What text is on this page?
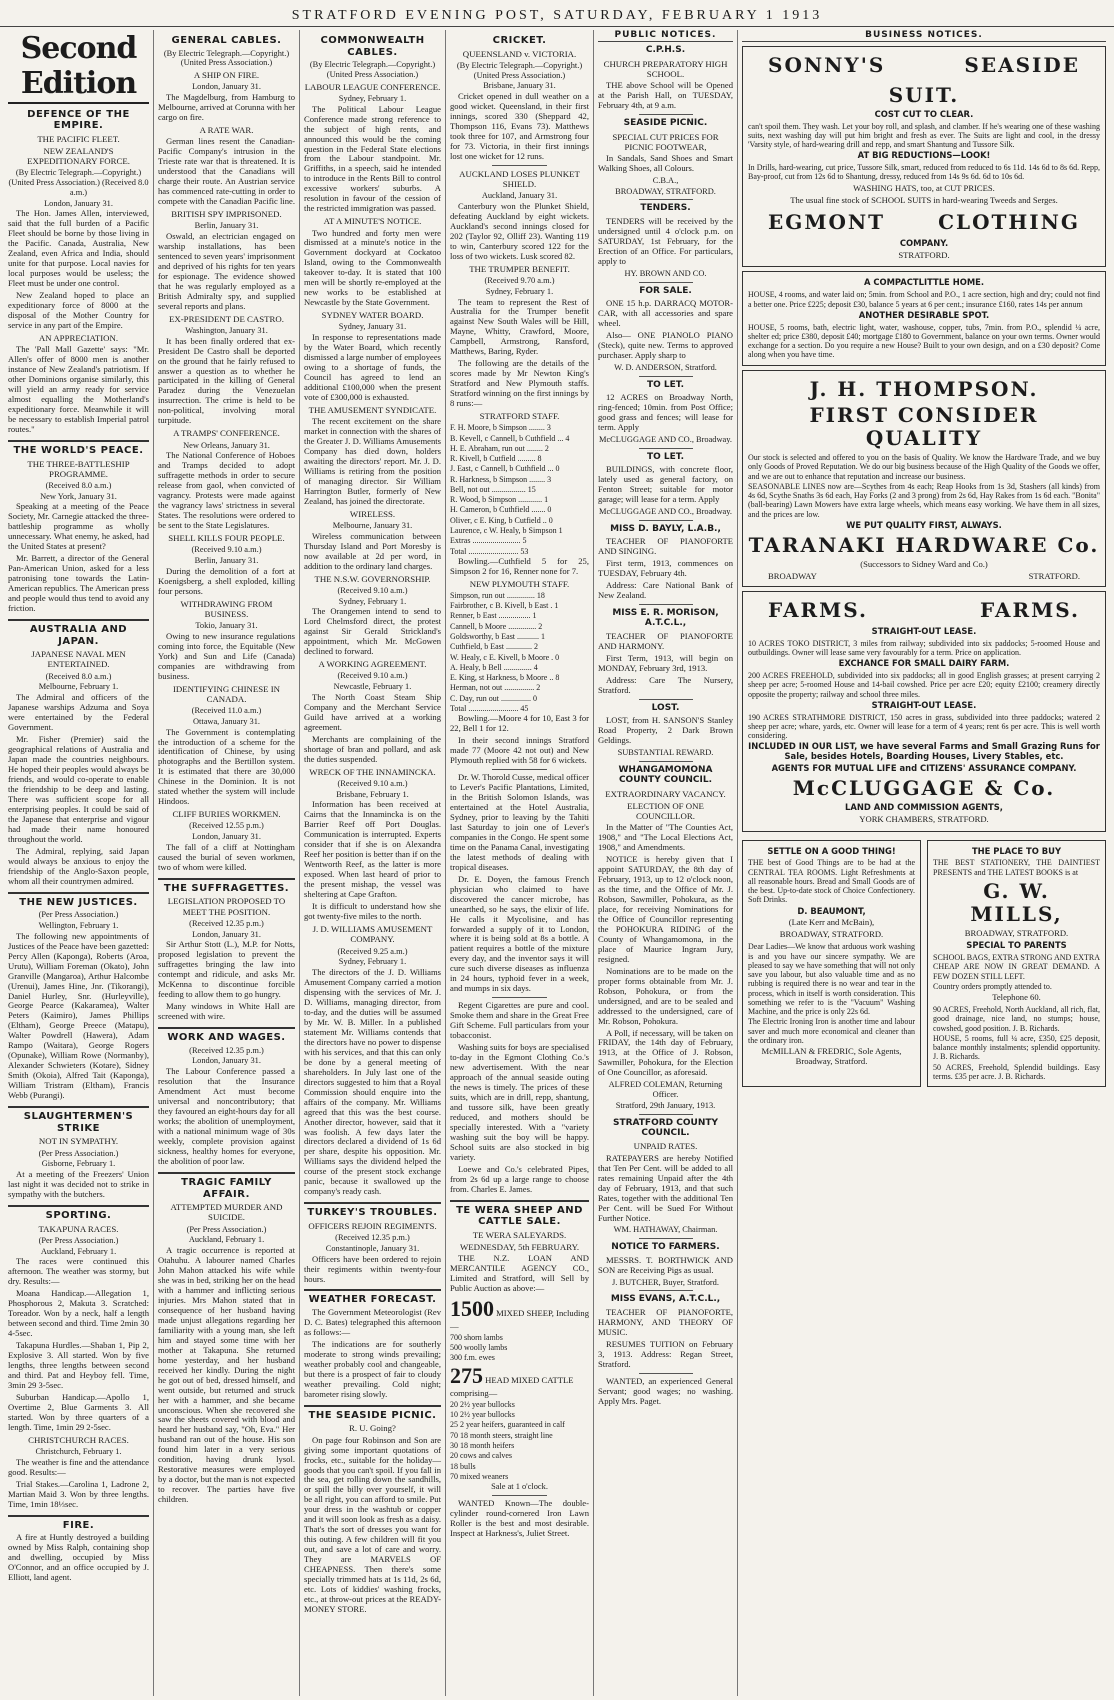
STRATFORD EVENING POST, SATURDAY, FEBRUARY 1 1913
Second Edition
DEFENCE OF THE EMPIRE.
THE PACIFIC FLEET.
NEW ZEALAND'S EXPEDITIONARY FORCE.
(By Electric Telegraph.—Copyright.) (United Press Association.) (Received 8.0 a.m.)
London, January 31.

The Hon. James Allen, interviewed, said that the full burden of a Pacific Fleet should be borne by those living in the Pacific. Canada, Australia, New Zealand, even Africa and India, should unite for that purpose. Local navies for local purposes would be useless; the Fleet must be under one control.

New Zealand hoped to place an expeditionary force of 8000 at the disposal of the Mother Country for service in any part of the Empire.

AN APPRECIATION.

The 'Pall Mall Gazette' says: "Mr. Allen's offer of 8000 men is another instance of New Zealand's patriotism. If other Dominions organise similarly, this will yield an army ready for service almost equalling the Motherland's expeditionary force. Meanwhile it will be necessary to establish Imperial patrol routes."

THE WORLD'S PEACE.
THE THREE-BATTLESHIP PROGRAMME.
(Received 8.0 a.m.)
New York, January 31.

Speaking at a meeting of the Peace Society, Mr. Carnegie attacked the three-battleship programme as wholly unnecessary. What enemy, he asked, had the United States at present?

Mr. Barrett, a director of the General Pan-American Union, asked for a less patronising tone towards the Latin-American republics. The American press and people would thus tend to avoid any friction.

AUSTRALIA AND JAPAN.
JAPANESE NAVAL MEN ENTERTAINED.
(Received 8.0 a.m.)
Melbourne, February 1.

The Admiral and officers of the Japanese warships Adzuma and Soya were entertained by the Federal Government.

Mr. Fisher (Premier) said the geographical relations of Australia and Japan made the countries neighbours. He hoped their peoples would always be friends, and would co-operate to enable the friendship to be deep and lasting. There was sufficient scope for all enterprising peoples. It could be said of the Japanese that enterprise and vigour had made their name honoured throughout the world.

The Admiral, replying, said Japan would always be anxious to enjoy the friendship of the Anglo-Saxon people, whom all their countrymen admired.

THE NEW JUSTICES.
(Per Press Association.)
Wellington, February 1.

The following new appointments of Justices of the Peace have been gazetted: Percy Allen (Kaponga), Roberts (Aroa, Urutu), William Foreman (Okato), John Granville (Mangaroa), Arthur Halcombe (Urenui), James Hine, Jnr. (Tikorangi), Daniel Hurley, Snr. (Hurleyville), George Pearce (Kakaramea), Walter Peters (Kaimiro), James Phillips (Eltham), George Preece (Matapu), Walter Powdrell (Hawera), Adam Rampo (Waitara), George Rogers (Opunake), William Rowe (Normanby), Alexander Schwieters (Kotare), Sidney Smith (Okoia), Alfred Tait (Kaponga), William Tristram (Eltham), Francis Webb (Purangi).

SLAUGHTERMEN'S STRIKE
NOT IN SYMPATHY.
(Per Press Association.)
Gisborne, February 1.

At a meeting of the Freezers' Union last night it was decided not to strike in sympathy with the butchers.

SPORTING.
TAKAPUNA RACES.
(Per Press Association.)
Auckland, February 1.

The races were continued this afternoon. The weather was stormy, but dry. Results:—

Moana Handicap.—Allegation 1, Phosphorous 2, Makuta 3. Scratched: Toreador. Won by a neck, half a length between second and third. Time 2min 30 4-5sec.

Takapuna Hurdles.—Shaban 1, Pip 2, Explosive 3. All started. Won by five lengths, three lengths between second and third. Pat and Heyboy fell. Time, 3min 29 3-5sec.

Suburban Handicap.—Apollo 1, Overtime 2, Blue Garments 3. All started. Won by three quarters of a length. Time, 1min 29 2-5sec.

CHRISTCHURCH RACES.
Christchurch, February 1.

The weather is fine and the attendance good. Results:—

Trial Stakes.—Carolina 1, Ladrone 2, Martian Maid 3. Won by three lengths. Time, 1min 18⅓sec.

FIRE.

A fire at Huntly destroyed a building owned by Miss Ralph, containing shop and dwelling, occupied by Miss O'Connor, and an office occupied by J. Elliott, land agent.

GENERAL CABLES.
(By Electric Telegraph.—Copyright.) (United Press Association.)
A SHIP ON FIRE.
London, January 31.

The Magdelburg, from Hamburg to Melbourne, arrived at Corunna with her cargo on fire.

A RATE WAR.

German lines resent the Canadian-Pacific Company's intrusion in the Trieste rate war that is threatened. It is understood that the Canadians will charge their route. An Austrian service has commenced rate-cutting in order to compete with the Canadian Pacific line.

BRITISH SPY IMPRISONED.
Berlin, January 31.

Oswald, an electrician engaged on warship installations, has been sentenced to seven years' imprisonment and deprived of his rights for ten years for espionage. The evidence showed that he was regularly employed as a British Admiralty spy, and supplied several reports and plans.

EX-PRESIDENT DE CASTRO.
Washington, January 31.

It has been finally ordered that ex-President De Castro shall be deported on the ground that he fairly refused to answer a question as to whether he participated in the killing of General Paradez during the Venezuelan insurrection. The crime is held to be non-political, involving moral turpitude.

A TRAMPS' CONFERENCE.
New Orleans, January 31.

The National Conference of Hoboes and Tramps decided to adopt suffragette methods in order to secure release from gaol, when convicted of vagrancy. Protests were made against the vagrancy laws' strictness in several States. The resolutions were ordered to be sent to the State Legislatures.

SHELL KILLS FOUR PEOPLE.
(Received 9.10 a.m.)
Berlin, January 31.

During the demolition of a fort at Koenigsberg, a shell exploded, killing four persons.

WITHDRAWING FROM BUSINESS.
Tokio, January 31.

Owing to new insurance regulations coming into force, the Equitable (New York) and Sun and Life (Canada) companies are withdrawing from business.

IDENTIFYING CHINESE IN CANADA.
(Received 11.0 a.m.)
Ottawa, January 31.

The Government is contemplating the introduction of a scheme for the identification of Chinese, by using photographs and the Bertillon system. It is estimated that there are 30,000 Chinese in the Dominion. It is not stated whether the system will include Hindoos.

CLIFF BURIES WORKMEN.
(Received 12.55 p.m.)
London, January 31.

The fall of a cliff at Nottingham caused the burial of seven workmen, two of whom were killed.

THE SUFFRAGETTES.
LEGISLATION PROPOSED TO MEET THE POSITION.
(Received 12.35 p.m.)
London, January 31.

Sir Arthur Stott (L.), M.P. for Notts, proposed legislation to prevent the suffragettes bringing the law into contempt and ridicule, and asks Mr. McKenna to discontinue forcible feeding to allow them to go hungry.

Many windows in White Hall are screened with wire.

WORK AND WAGES.
(Received 12.35 p.m.)
London, January 31.

The Labour Conference passed a resolution that the Insurance Amendment Act must become universal and noncontributory; that they favoured an eight-hours day for all works; the abolition of unemployment, with a national minimum wage of 30s weekly, complete provision against sickness, healthy homes for everyone, the abolition of poor law.

TRAGIC FAMILY AFFAIR.
ATTEMPTED MURDER AND SUICIDE.
(Per Press Association.)
Auckland, February 1.

A tragic occurrence is reported at Otahuhu. A labourer named Charles John Mahon attacked his wife while she was in bed, striking her on the head with a hammer and inflicting serious injuries. Mrs Mahon stated that in consequence of her husband having made unjust allegations regarding her familiarity with a young man, she left him and stayed some time with her mother at Takapuna. She returned home yesterday, and her husband received her kindly. During the night he got out of bed, dressed himself, and went outside, but returned and struck her with a hammer, and she became unconscious. When she recovered she saw the sheets covered with blood and heard her husband say, "Oh, Eva." Her husband ran out of the house. His son found him later in a very serious condition, having drunk lysol. Restorative measures were employed by a doctor, but the man is not expected to recover. The parties have five children.

COMMONWEALTH CABLES.
(By Electric Telegraph.—Copyright.) (United Press Association.)
LABOUR LEAGUE CONFERENCE.
Sydney, February 1.

The Political Labour League Conference made strong reference to the subject of high rents, and announced this would be the coming question in the Federal State elections from the Labour standpoint. Mr. Griffiths, in a speech, said he intended to introduce in the Rents Bill to control excessive workers' suburbs. A resolution in favour of the cession of the restricted immigration was passed.

AT A MINUTE'S NOTICE.

Two hundred and forty men were dismissed at a minute's notice in the Government dockyard at Cockatoo Island, owing to the Commonwealth takeover to-day. It is stated that 100 men will be shortly re-employed at the new works to be established at Newcastle by the State Government.

SYDNEY WATER BOARD.
Sydney, January 31.

In response to representations made by the Water Board, which recently dismissed a large number of employees owing to a shortage of funds, the Council has agreed to lend an additional £100,000 when the present vote of £300,000 is exhausted.

THE AMUSEMENT SYNDICATE.

The recent excitement on the share market in connection with the shares of the Greater J. D. Williams Amusements Company has died down, holders awaiting the directors' report. Mr. J. D. Williams is retiring from the position of managing director. Sir William Harrington Butler, formerly of New Zealand, has joined the directorate.

WIRELESS.
Melbourne, January 31.

Wireless communication between Thursday Island and Port Moresby is now available at 2d per word, in addition to the ordinary land charges.

THE N.S.W. GOVERNORSHIP.
(Received 9.10 a.m.)
Sydney, February 1.

The Orangemen intend to send to Lord Chelmsford direct, the protest against Sir Gerald Strickland's appointment, which Mr. McGowen declined to forward.

A WORKING AGREEMENT.
(Received 9.10 a.m.)
Newcastle, February 1.

The North Coast Steam Ship Company and the Merchant Service Guild have arrived at a working agreement.

Merchants are complaining of the shortage of bran and pollard, and ask the duties suspended.

WRECK OF THE INNAMINCKA.
(Received 9.10 a.m.)
Brisbane, February 1.

Information has been received at Cairns that the Innamincka is on the Barrier Reef off Port Douglas. Communication is interrupted. Experts consider that if she is on Alexandra Reef her position is better than if on the Wentworth Reef, as the latter is more exposed. When last heard of prior to the present mishap, the vessel was sheltering at Cape Grafton.

It is difficult to understand how she got twenty-five miles to the north.

J. D. WILLIAMS AMUSEMENT COMPANY.
(Received 9.25 a.m.)
Sydney, February 1.

The directors of the J. D. Williams Amusement Company carried a motion dispensing with the services of Mr. J. D. Williams, managing director, from to-day, and the duties will be assumed by Mr. W. B. Miller. In a published statement Mr. Williams contends that the directors have no power to dispense with his services, and that this can only be done by a general meeting of shareholders. In July last one of the directors suggested to him that a Royal Commission should enquire into the affairs of the company. Mr. Williams agreed that this was the best course. Another director, however, said that it was foolish. A few days later the directors declared a dividend of 1s 6d per share, despite his opposition. Mr. Williams says the dividend helped the course of the present stock exchange panic, because it swallowed up the company's ready cash.

TURKEY'S TROUBLES.
OFFICERS REJOIN REGIMENTS.
(Received 12.35 p.m.)
Constantinople, January 31.

Officers have been ordered to rejoin their regiments within twenty-four hours.

WEATHER FORECAST.

The Government Meteorologist (Rev D. C. Bates) telegraphed this afternoon as follows:—

The indications are for southerly moderate to strong winds prevailing; weather probably cool and changeable, but there is a prospect of fair to cloudy weather prevailing. Cold night; barometer rising slowly.

THE SEASIDE PICNIC.
R. U. Going?

On page four Robinson and Son are giving some important quotations of frocks, etc., suitable for the holiday—goods that you can't spoil. If you fall in the sea, get rolling down the sandhills, or spill the billy over yourself, it will be all right, you can afford to smile. Put your dress in the washtub or copper and it will soon look as fresh as a daisy. That's the sort of dresses you want for this outing. A few children will fit you out, and save a lot of care and worry. They are MARVELS OF CHEAPNESS. Then there's some specially trimmed hats at 1s 11d, 2s 6d, etc. Lots of kiddies' washing frocks, etc., at throw-out prices at the READY-MONEY STORE.

CRICKET.
QUEENSLAND v. VICTORIA.
(By Electric Telegraph.—Copyright.) (United Press Association.)
Brisbane, January 31.

Cricket opened in dull weather on a good wicket. Queensland, in their first innings, scored 330 (Sheppard 42, Thompson 116, Evans 73). Matthews took three for 107, and Armstrong four for 73. Victoria, in their first innings lost one wicket for 12 runs.

AUCKLAND LOSES PLUNKET SHIELD.
Auckland, January 31.

Canterbury won the Plunket Shield, defeating Auckland by eight wickets. Auckland's second innings closed for 202 (Taylor 92, Olliff 23). Wanting 119 to win, Canterbury scored 122 for the loss of two wickets. Lusk scored 82.

THE TRUMPER BENEFIT.
(Received 9.70 a.m.)
Sydney, February 1.

The team to represent the Rest of Australia for the Trumper benefit against New South Wales will be Hill, Mayne, Whitty, Crawford, Moore, Campbell, Armstrong, Ransford, Matthews, Baring, Ryder.

The following are the details of the scores made by Mr Newton King's Stratford and New Plymouth staffs. Stratford winning on the first innings by 8 runs:—

STRATFORD STAFF.
F. H. Moore, b Simpson ........ 3
B. Kevell, c Cannell, b Cuthfield ... 4
H. E. Abraham, run out ........ 2
R. Kivell, b Cutfield ......... 8
J. East, c Cannell, b Cuthfield ... 0
R. Harkness, b Simpson ........ 3
Bell, not out ................. 15
R. Wood, b Simpson ............ 1
H. Cameron, b Cuthfield ....... 0
Oliver, c E. King, b Cutfield .. 0
Laurence, c W. Healy, b Simpson 1
Extras ........................ 5
Total ......................... 53

Bowling.—Cuthfield 5 for 25, Simpson 2 for 16, Renner none for 7.

NEW PLYMOUTH STAFF.
Simpson, run out .............. 18
Fairbrother, c B. Kivell, b East . 1
Renner, b East ................ 1
Cannell, b Moore .............. 2
Goldsworthy, b East ........... 1
Cuthfield, b East ............. 2
W. Healy, c E. Kivell, b Moore . 0
A. Healy, b Bell .............. 4
E. King, st Harkness, b Moore .. 8
Herman, not out ............... 2
C. Day, run out ............... 0
Total ......................... 45

Bowling.—Moore 4 for 10, East 3 for 22, Bell 1 for 12.

In their second innings Stratford made 77 (Moore 42 not out) and New Plymouth replied with 58 for 6 wickets.

Dr. W. Thorold Cusse, medical officer to Lever's Pacific Plantations, Limited, in the British Solomon Islands, was entertained at the Hotel Australia, Sydney, prior to leaving by the Tahiti last Saturday to join one of Lever's companies in the Congo. He spent some time on the Panama Canal, investigating the latest methods of dealing with tropical diseases.

Dr. E. Doyen, the famous French physician who claimed to have discovered the cancer microbe, has unearthed, so he says, the elixir of life. He calls it Mycolisine, and has forwarded a supply of it to London, where it is being sold at 8s a bottle. A patient requires a bottle of the mixture every day, and the inventor says it will cure such diverse diseases as influenza in 24 hours, typhoid fever in a week, and mumps in six days.

Regent Cigarettes are pure and cool. Smoke them and share in the Great Free Gift Scheme. Full particulars from your tobacconist.

Washing suits for boys are specialised to-day in the Egmont Clothing Co.'s new advertisement. With the near approach of the annual seaside outing the news is timely. The prices of these suits, which are in drill, repp, shantung, and tussore silk, have been greatly reduced, and mothers should be specially interested. With a "variety washing suit the boy will be happy. School suits are also stocked in big variety.

Loewe and Co.'s celebrated Pipes, from 2s 6d up a large range to choose from. Charles E. James.

TE WERA SHEEP AND CATTLE SALE.
TE WERA SALEYARDS.
WEDNESDAY, 5th FEBRUARY.

THE N.Z. LOAN AND MERCANTILE AGENCY CO., Limited and Stratford, will Sell by Public Auction as above:—

1500 MIXED SHEEP, Including—
700 shorn lambs
500 woolly lambs
300 f.m. ewes
275 HEAD MIXED CATTLE comprising—
20 2½ year bullocks
10 2½ year bullocks
25 2 year heifers, guaranteed in calf
70 18 month steers, straight line
30 18 month heifers
20 cows and calves
18 bulls
70 mixed weaners
Sale at 1 o'clock.

WANTED Known—The double-cylinder round-cornered Iron Lawn Roller is the best and most desirable. Inspect at Harkness's, Juliet Street.

PUBLIC NOTICES.
C.P.H.S.
CHURCH PREPARATORY HIGH SCHOOL.

THE above School will be Opened at the Parish Hall, on TUESDAY, February 4th, at 9 a.m.

SEASIDE PICNIC.
SPECIAL CUT PRICES FOR PICNIC FOOTWEAR,

In Sandals, Sand Shoes and Smart Walking Shoes, all Colours.

C.B.A.,
BROADWAY, STRATFORD.
TENDERS.

TENDERS will be received by the undersigned until 4 o'clock p.m. on SATURDAY, 1st February, for the Erection of an Office. For particulars, apply to

HY. BROWN AND CO.
FOR SALE.

ONE 15 h.p. DARRACQ MOTOR-CAR, with all accessories and spare wheel.

Also— ONE PIANOLO PIANO (Steck), quite new. Terms to approved purchaser. Apply sharp to

W. D. ANDERSON, Stratford.
TO LET.

12 ACRES on Broadway North, ring-fenced; 10min. from Post Office; good grass and fences; will lease for term. Apply

McCLUGGAGE AND CO., Broadway.
TO LET.

BUILDINGS, with concrete floor, lately used as general factory, on Fenton Street; suitable for motor garage; will lease for a term. Apply

McCLUGGAGE AND CO., Broadway.
MISS D. BAYLY, L.A.B.,

TEACHER OF PIANOFORTE AND SINGING.

First term, 1913, commences on TUESDAY, February 4th.

Address: Care National Bank of New Zealand.

MISS E. R. MORISON, A.T.C.L.,

TEACHER OF PIANOFORTE AND HARMONY.

First Term, 1913, will begin on MONDAY, February 3rd, 1913.

Address: Care The Nursery, Stratford.

LOST.

LOST, from H. SANSON'S Stanley Road Property, 2 Dark Brown Geldings.

SUBSTANTIAL REWARD.
WHANGAMOMONA COUNTY COUNCIL.
EXTRAORDINARY VACANCY.
ELECTION OF ONE COUNCILLOR.

In the Matter of "The Counties Act, 1908," and "The Local Elections Act, 1908," and Amendments.

NOTICE is hereby given that I appoint SATURDAY, the 8th day of February, 1913, up to 12 o'clock noon, as the time, and the Office of Mr. J. Robson, Sawmiller, Pohokura, as the place, for receiving Nominations for the Office of Councillor representing the POHOKURA RIDING of the County of Whangamomona, in the place of Maurice Ingram Jury, resigned.

Nominations are to be made on the proper forms obtainable from Mr. J. Robson, Pohokura, or from the undersigned, and are to be sealed and addressed to the undersigned, care of Mr. Robson, Pohokura.

A Poll, if necessary, will be taken on FRIDAY, the 14th day of February, 1913, at the Office of J. Robson, Sawmiller, Pohokura, for the Election of One Councillor, as aforesaid.

ALFRED COLEMAN, Returning Officer.
Stratford, 29th January, 1913.
STRATFORD COUNTY COUNCIL.
UNPAID RATES.

RATEPAYERS are hereby Notified that Ten Per Cent. will be added to all rates remaining Unpaid after the 4th day of February, 1913, and that such Rates, together with the additional Ten Per Cent. will be Sued For Without Further Notice.

WM. HATHAWAY, Chairman.
NOTICE TO FARMERS.

MESSRS. T. BORTHWICK AND SON are Receiving Pigs as usual.

J. BUTCHER, Buyer, Stratford.
MISS EVANS, A.T.C.L.,

TEACHER OF PIANOFORTE, HARMONY, AND THEORY OF MUSIC.

RESUMES TUITION on February 3, 1913. Address: Regan Street, Stratford.

WANTED, an experienced General Servant; good wages; no washing. Apply Mrs. Paget.

BUSINESS NOTICES.
SONNY'S	SEASIDE
SUIT.
COST CUT TO CLEAR.

can't spoil them. They wash. Let your boy roll, and splash, and clamber. If he's wearing one of these washing suits, next washing day will put him bright and fresh as ever. The Suits are light and cool, in the dressy 'Varsity style, of hard-wearing drill and repp, and smart Shantung and Tussore Silk.

AT BIG REDUCTIONS—LOOK!

In Drills, hard-wearing, cut price, Tussore Silk, smart, reduced from reduced to 6s 11d. 14s 6d to 8s 6d. Repp, Bay-proof, cut from 12s 6d to Shantung, dressy, reduced from 14s 9s 6d. 6d to 10s 6d.

WASHING HATS, too, at CUT PRICES.
The usual fine stock of SCHOOL SUITS in hard-wearing Tweeds and Serges.
EGMONT	CLOTHING
COMPANY.
STRATFORD.
A COMPACTLITTLE HOME.

HOUSE, 4 rooms, and water laid on; 5min. from School and P.O., 1 acre section, high and dry; could not find a better one. Price £225; deposit £30, balance 5 years at 6 per cent.; insurance £160, rates 14s per annum

ANOTHER DESIRABLE SPOT.

HOUSE, 5 rooms, bath, electric light, water, washouse, copper, tubs, 7min. from P.O., splendid ¼ acre, shelter ed; price £380, deposit £40; mortgage £180 to Government, balance on your own terms. Owner would exchange for a section. Do you require a new House? Built to your own design, and on a £30 deposit? Come along when you have time.

J. H. THOMPSON.
FIRST CONSIDER QUALITY

Our stock is selected and offered to you on the basis of Quality. We know the Hardware Trade, and we buy only Goods of Proved Reputation. We do our big business because of the High Quality of the Goods we offer, and we are out to enhance that reputation and increase our business.

SEASONABLE LINES now are—Scythes from 4s each; Reap Hooks from 1s 3d, Stashers (all kinds) from 4s 6d, Scythe Snaths 3s 6d each, Hay Forks (2 and 3 prong) from 2s 6d, Hay Rakes from 1s 6d each. "Bonita" (ball-bearing) Lawn Mowers have extra large wheels, which means easy working. We have them in all sizes, and the prices are low.

WE PUT QUALITY FIRST, ALWAYS.
TARANAKI HARDWARE Co.
(Successors to Sidney Ward and Co.)
BROADWAY	STRATFORD.
FARMS.	FARMS.
STRAIGHT-OUT LEASE.

10 ACRES TOKO DISTRICT, 3 miles from railway; subdivided into six paddocks; 5-roomed House and outbuildings. Owner will lease same very favourably for a term. Price on application.

EXCHANCE FOR SMALL DAIRY FARM.

200 ACRES FREEHOLD, subdivided into six paddocks; all in good English grasses; at present carrying 2 sheep per acre; 5-roomed House and 14-bail cowshed. Price per acre £20; equity £2100; creamery directly opposite the property; railway and school three miles.

STRAIGHT-OUT LEASE.

190 ACRES STRATHMORE DISTRICT, 150 acres in grass, subdivided into three paddocks; watered 2 sheep per acre; whare, yards, etc. Owner will lease for a term of 4 years; rent 6s per acre. This is well worth considering.

INCLUDED IN OUR LIST, we have several Farms and Small Grazing Runs for Sale, besides Hotels, Boarding Houses, Livery Stables, etc.
AGENTS FOR MUTUAL LIFE and CITIZENS' ASSURANCE COMPANY.
McCLUGGAGE & Co.
LAND AND COMMISSION AGENTS,
YORK CHAMBERS, STRATFORD.
SETTLE ON A GOOD THING!

THE best of Good Things are to be had at the CENTRAL TEA ROOMS. Light Refreshments at all reasonable hours. Bread and Small Goods are of the best. Up-to-date stock of Choice Confectionery. Soft Drinks.

D. BEAUMONT,
(Late Kerr and McBain),
BROADWAY, STRATFORD.

Dear Ladies—We know that arduous work washing is and you have our sincere sympathy. We are pleased to say we have something that will not only save you labour, but also valuable time and as no rubbing is required there is no wear and tear in the process, which in itself is worth consideration. This something we refer to is the "Vacuum" Washing Machine, and the price is only 22s 6d.

The Electric Ironing Iron is another time and labour saver and much more economical and cleaner than the ordinary iron.

McMILLAN & FREDRIC, Sole Agents, Broadway, Stratford.
THE PLACE TO BUY

THE BEST STATIONERY, THE DAINTIEST PRESENTS and THE LATEST BOOKS is at

G. W. MILLS,
BROADWAY, STRATFORD.
SPECIAL TO PARENTS

SCHOOL BAGS, EXTRA STRONG AND EXTRA CHEAP ARE NOW IN GREAT DEMAND. A FEW DOZEN STILL LEFT.

Country orders promptly attended to.

Telephone 60.

90 ACRES, Freehold, North Auckland, all rich, flat, good drainage, nice land, no stumps; house, cowshed, good position. J. B. Richards.

HOUSE, 5 rooms, full ¼ acre, £350, £25 deposit, balance monthly instalments; splendid opportunity. J. B. Richards.

50 ACRES, Freehold, Splendid buildings. Easy terms. £35 per acre. J. B. Richards.
